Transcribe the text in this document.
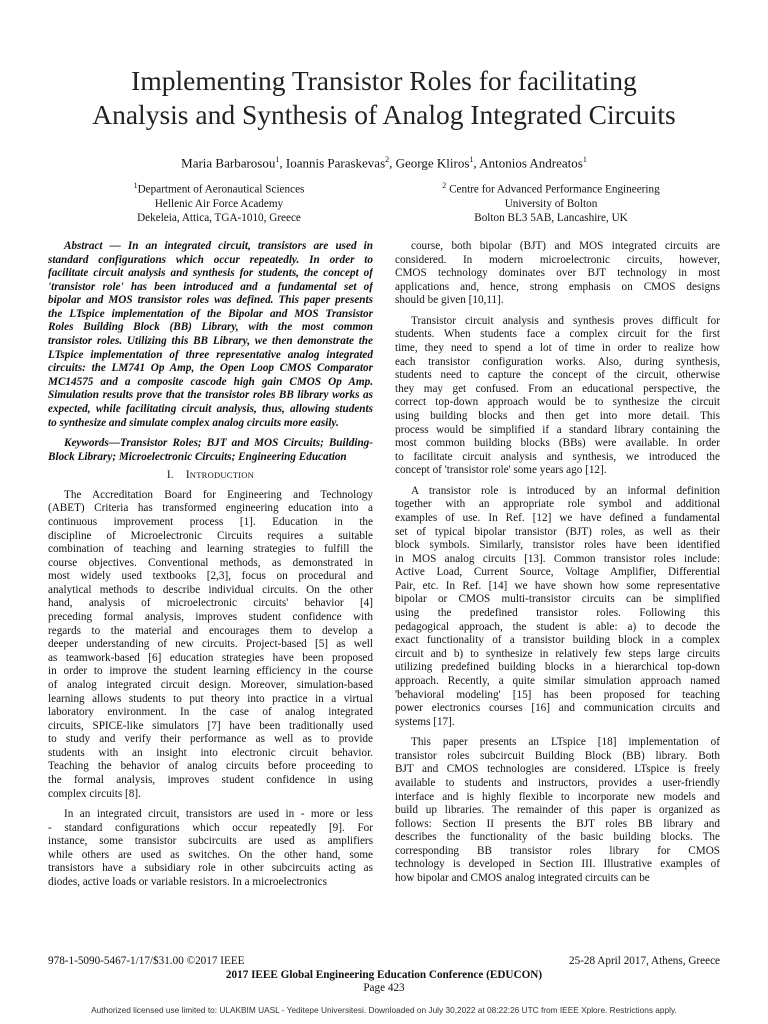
Implementing Transistor Roles for facilitating
Analysis and Synthesis of Analog Integrated Circuits
Maria Barbarosou$^1$, Ioannis Paraskevas$^2$, George Kliros$^1$, Antonios Andreatos$^1$
$^1$Department of Aeronautical Sciences
Hellenic Air Force Academy
Dekeleia, Attica, TGA-1010, Greece
$^2$ Centre for Advanced Performance Engineering
University of Bolton
Bolton BL3 5AB, Lancashire, UK

Abstract — In an integrated circuit, transistors are used in

standard configurations which occur repeatedly. In order to

facilitate circuit analysis and synthesis for students, the concept of

'transistor role' has been introduced and a fundamental set of

bipolar and MOS transistor roles was defined. This paper presents

the LTspice implementation of the Bipolar and MOS Transistor

Roles Building Block (BB) Library, with the most common

transistor roles. Utilizing this BB Library, we then demonstrate the

LTspice implementation of three representative analog integrated

circuits: the LM741 Op Amp, the Open Loop CMOS Comparator

MC14575 and a composite cascode high gain CMOS Op Amp.

Simulation results prove that the transistor roles BB library works as

expected, while facilitating circuit analysis, thus, allowing students

to synthesize and simulate complex analog circuits more easily.

Keywords—Transistor Roles; BJT and MOS Circuits; Building-

Block Library; Microelectronic Circuits; Engineering Education

I. INTRODUCTION

The Accreditation Board for Engineering and Technology

(ABET) Criteria has transformed engineering education into a

continuous improvement process [1]. Education in the

discipline of Microelectronic Circuits requires a suitable

combination of teaching and learning strategies to fulfill the

course objectives. Conventional methods, as demonstrated in

most widely used textbooks [2,3], focus on procedural and

analytical methods to describe individual circuits. On the other

hand, analysis of microelectronic circuits' behavior [4]

preceding formal analysis, improves student confidence with

regards to the material and encourages them to develop a

deeper understanding of new circuits. Project-based [5] as well

as teamwork-based [6] education strategies have been proposed

in order to improve the student learning efficiency in the course

of analog integrated circuit design. Moreover, simulation-based

learning allows students to put theory into practice in a virtual

laboratory environment. In the case of analog integrated

circuits, SPICE-like simulators [7] have been traditionally used

to study and verify their performance as well as to provide

students with an insight into electronic circuit behavior.

Teaching the behavior of analog circuits before proceeding to

the formal analysis, improves student confidence in using

complex circuits [8].

In an integrated circuit, transistors are used in - more or less

- standard configurations which occur repeatedly [9]. For

instance, some transistor subcircuits are used as amplifiers

while others are used as switches. On the other hand, some

transistors have a subsidiary role in other subcircuits acting as

diodes, active loads or variable resistors. In a microelectronics

course, both bipolar (BJT) and MOS integrated circuits are

considered. In modern microelectronic circuits, however,

CMOS technology dominates over BJT technology in most

applications and, hence, strong emphasis on CMOS designs

should be given [10,11].

Transistor circuit analysis and synthesis proves difficult for

students. When students face a complex circuit for the first

time, they need to spend a lot of time in order to realize how

each transistor configuration works. Also, during synthesis,

students need to capture the concept of the circuit, otherwise

they may get confused. From an educational perspective, the

correct top-down approach would be to synthesize the circuit

using building blocks and then get into more detail. This

process would be simplified if a standard library containing the

most common building blocks (BBs) were available. In order

to facilitate circuit analysis and synthesis, we introduced the

concept of 'transistor role' some years ago [12].

A transistor role is introduced by an informal definition

together with an appropriate role symbol and additional

examples of use. In Ref. [12] we have defined a fundamental

set of typical bipolar transistor (BJT) roles, as well as their

block symbols. Similarly, transistor roles have been identified

in MOS analog circuits [13]. Common transistor roles include:

Active Load, Current Source, Voltage Amplifier, Differential

Pair, etc. In Ref. [14] we have shown how some representative

bipolar or CMOS multi-transistor circuits can be simplified

using the predefined transistor roles. Following this

pedagogical approach, the student is able: a) to decode the

exact functionality of a transistor building block in a complex

circuit and b) to synthesize in relatively few steps large circuits

utilizing predefined building blocks in a hierarchical top-down

approach. Recently, a quite similar simulation approach named

'behavioral modeling' [15] has been proposed for teaching

power electronics courses [16] and communication circuits and

systems [17].

This paper presents an LTspice [18] implementation of

transistor roles subcircuit Building Block (BB) library. Both

BJT and CMOS technologies are considered. LTspice is freely

available to students and instructors, provides a user-friendly

interface and is highly flexible to incorporate new models and

build up libraries. The remainder of this paper is organized as

follows: Section II presents the BJT roles BB library and

describes the functionality of the basic building blocks. The

corresponding BB transistor roles library for CMOS

technology is developed in Section III. Illustrative examples of

how bipolar and CMOS analog integrated circuits can be

978-1-5090-5467-1/17/$31.00 ©2017 IEEE	25-28 April 2017, Athens, Greece
2017 IEEE Global Engineering Education Conference (EDUCON)
Page 423
Authorized licensed use limited to: ULAKBIM UASL - Yeditepe Universitesi. Downloaded on July 30,2022 at 08:22:26 UTC from IEEE Xplore. Restrictions apply.
